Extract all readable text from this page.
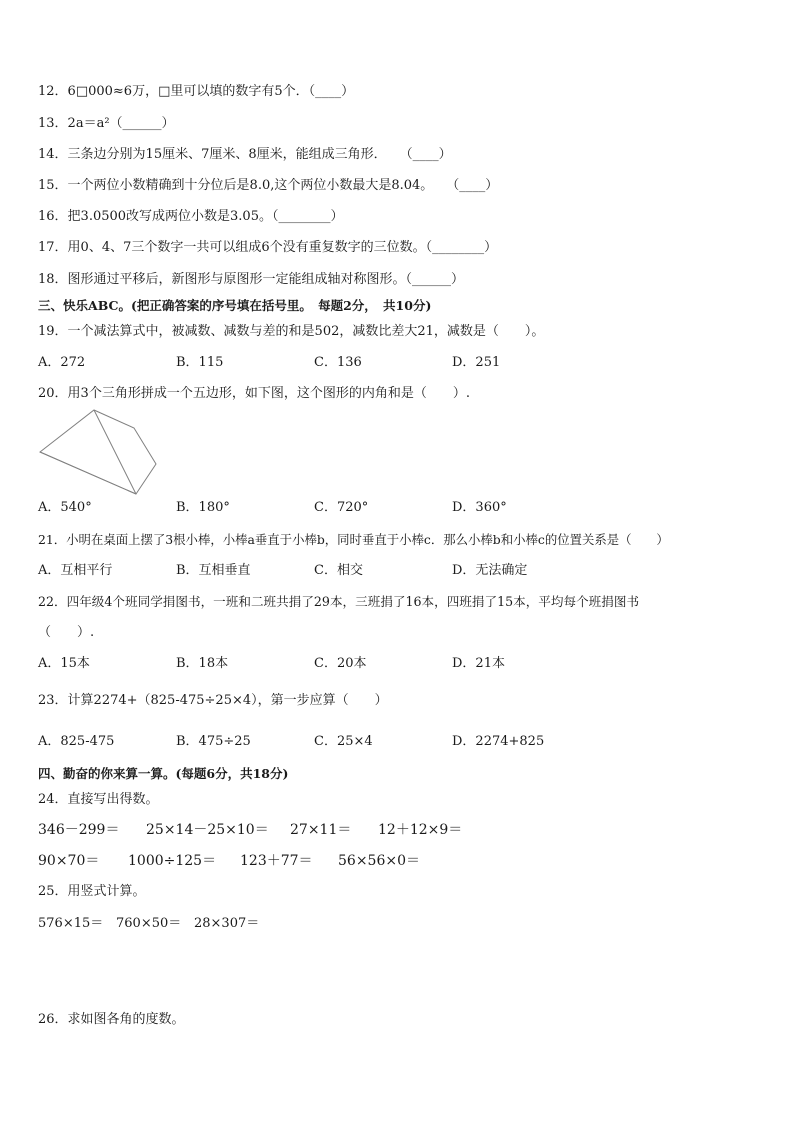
12．6□000≈6万，□里可以填的数字有5个．（____）
13．2a＝a²（______）
14．三条边分别为15厘米、7厘米、8厘米，能组成三角形．　　（____）
15．一个两位小数精确到十分位后是8.0,这个两位小数最大是8.04。　　（____）
16．把3.0500改写成两位小数是3.05。（________）
17．用0、4、7三个数字一共可以组成6个没有重复数字的三位数。（________）
18．图形通过平移后，新图形与原图形一定能组成轴对称图形。（______）
三、快乐ABC。(把正确答案的序号填在括号里。　每题2分，　共10分)
19．一个减法算式中，被减数、减数与差的和是502，减数比差大21，减数是（　　）。
A．272	B．115	C．136	D．251
20．用3个三角形拼成一个五边形，如下图，这个图形的内角和是（　　）.
A．540°	B．180°	C．720°	D．360°
21．小明在桌面上摆了3根小棒，小棒a垂直于小棒b，同时垂直于小棒c．那么小棒b和小棒c的位置关系是（　　）
A．互相平行	B．互相垂直	C．相交	D．无法确定
22．四年级4个班同学捐图书，一班和二班共捐了29本，三班捐了16本，四班捐了15本，平均每个班捐图书
（　　）.
A．15本	B．18本	C．20本	D．21本
23．计算2274+（825-475÷25×4），第一步应算（　　）
A．825-475	B．475÷25	C．25×4	D．2274+825
四、勤奋的你来算一算。(每题6分，共18分)
24．直接写出得数。
346－299＝ 25×14－25×10＝ 27×11＝ 12＋12×9＝
90×70＝ 1000÷125＝ 123＋77＝ 56×56×0＝
25．用竖式计算。
576×15＝ 760×50＝ 28×307＝
26．求如图各角的度数。
